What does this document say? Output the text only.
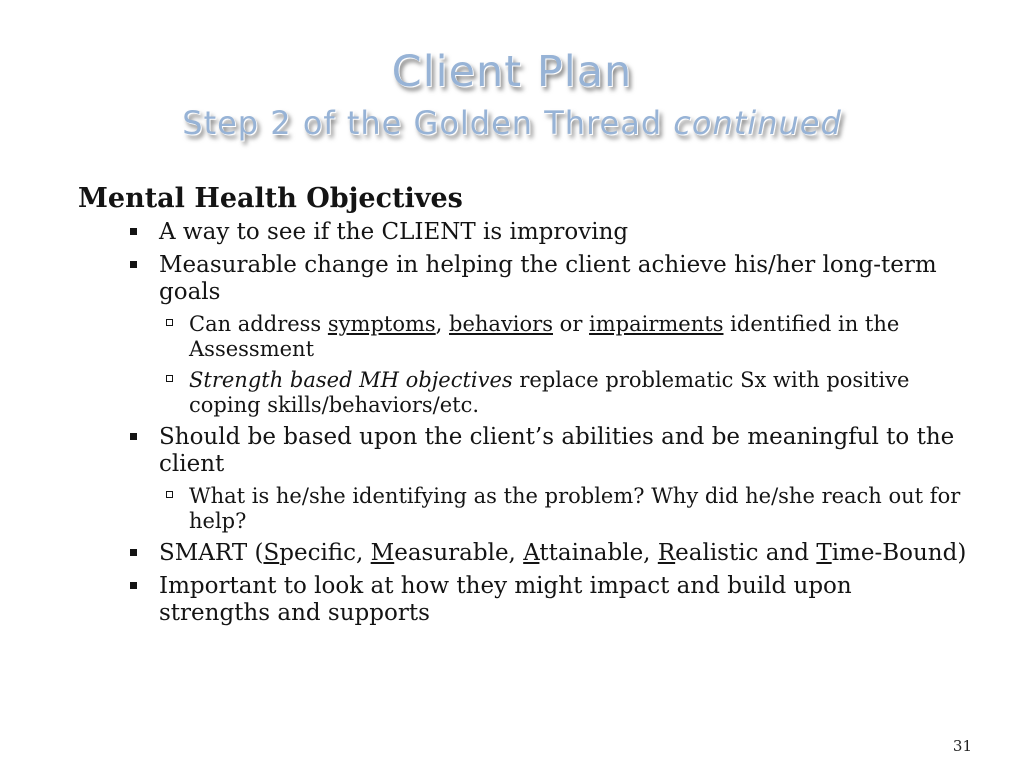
Client Plan
Step 2 of the Golden Thread continued
Mental Health Objectives
A way to see if the CLIENT is improving
Measurable change in helping the client achieve his/her long-term goals
Can address symptoms, behaviors or impairments identified in the Assessment
Strength based MH objectives replace problematic Sx with positive coping skills/behaviors/etc.
Should be based upon the client’s abilities and be meaningful to the client
What is he/she identifying as the problem? Why did he/she reach out for help?
SMART (Specific, Measurable, Attainable, Realistic and Time-Bound)
Important to look at how they might impact and build upon strengths and supports
31
